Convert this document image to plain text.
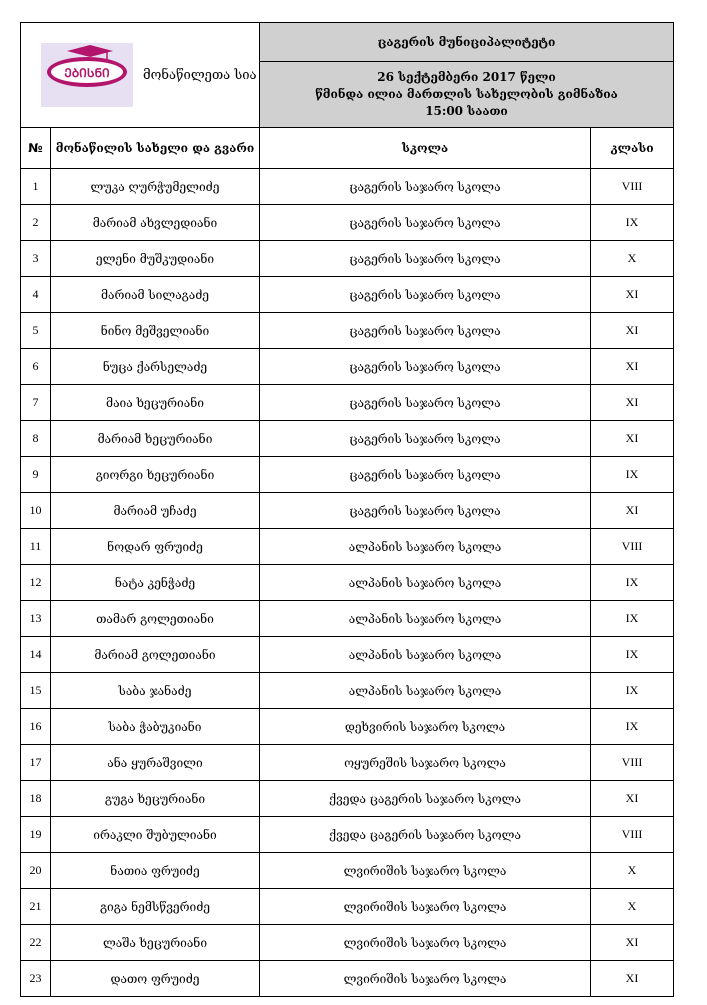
ᲔᲑᲘᲡᲜᲘ მონაწილეთა სია		ცაგერის მუნიციპალიტეტი	

		26 სექტემბერი 2017 წელი
წმინდა ილია მართლის სახელობის გიმნაზია
15:00 საათი	

№	მონაწილის სახელი და გვარი	სკოლა	კლასი
1	ლუკა ღურჭუმელიძე	ცაგერის საჯარო სკოლა	VIII
2	მარიამ ახვლედიანი	ცაგერის საჯარო სკოლა	IX
3	ელენი მუშკუდიანი	ცაგერის საჯარო სკოლა	X
4	მარიამ სილაგაძე	ცაგერის საჯარო სკოლა	XI
5	ნინო მეშველიანი	ცაგერის საჯარო სკოლა	XI
6	ნუცა ქარსელაძე	ცაგერის საჯარო სკოლა	XI
7	მაია ხეცურიანი	ცაგერის საჯარო სკოლა	XI
8	მარიამ ხეცურიანი	ცაგერის საჯარო სკოლა	XI
9	გიორგი ხეცურიანი	ცაგერის საჯარო სკოლა	IX
10	მარიამ უჩაძე	ცაგერის საჯარო სკოლა	XI
11	ნოდარ ფრუიძე	ალპანის საჯარო სკოლა	VIII
12	ნატა კენჭაძე	ალპანის საჯარო სკოლა	IX
13	თამარ გოლეთიანი	ალპანის საჯარო სკოლა	IX
14	მარიამ გოლეთიანი	ალპანის საჯარო სკოლა	IX
15	საბა ჯანაძე	ალპანის საჯარო სკოლა	IX
16	საბა ჭაბუკიანი	დეხვირის საჯარო სკოლა	IX
17	ანა ყურაშვილი	ოყურეშის საჯარო სკოლა	VIII
18	გუგა ხეცურიანი	ქვედა ცაგერის საჯარო სკოლა	XI
19	ირაკლი შუბულიანი	ქვედა ცაგერის საჯარო სკოლა	VIII
20	ნათია ფრუიძე	ლვირიშის საჯარო სკოლა	X
21	გიგა ნემსწვერიძე	ლვირიშის საჯარო სკოლა	X
22	ლაშა ხეცურიანი	ლვირიშის საჯარო სკოლა	XI
23	დათო ფრუიძე	ლვირიშის საჯარო სკოლა	XI
